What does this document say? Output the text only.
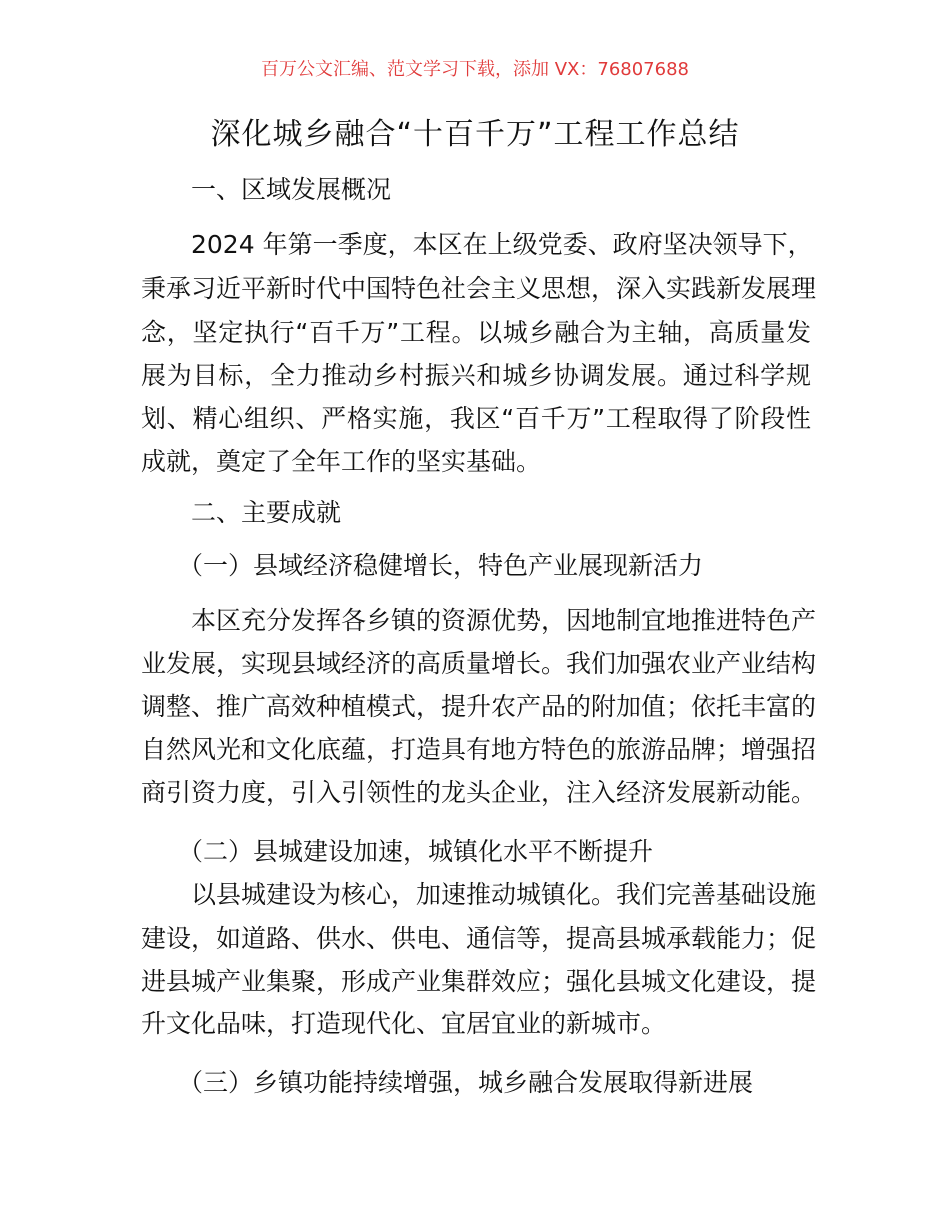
百万公文汇编、范文学习下载，添加 VX：76807688
深化城乡融合“十百千万”工程工作总结
一、区域发展概况
2024 年第一季度，本区在上级党委、政府坚决领导下，
秉承习近平新时代中国特色社会主义思想，深入实践新发展理
念，坚定执行“百千万”工程。以城乡融合为主轴，高质量发
展为目标，全力推动乡村振兴和城乡协调发展。通过科学规
划、精心组织、严格实施，我区“百千万”工程取得了阶段性
成就，奠定了全年工作的坚实基础。
二、主要成就
（一）县域经济稳健增长，特色产业展现新活力
本区充分发挥各乡镇的资源优势，因地制宜地推进特色产
业发展，实现县域经济的高质量增长。我们加强农业产业结构
调整、推广高效种植模式，提升农产品的附加值；依托丰富的
自然风光和文化底蕴，打造具有地方特色的旅游品牌；增强招
商引资力度，引入引领性的龙头企业，注入经济发展新动能。
（二）县城建设加速，城镇化水平不断提升
以县城建设为核心，加速推动城镇化。我们完善基础设施
建设，如道路、供水、供电、通信等，提高县城承载能力；促
进县城产业集聚，形成产业集群效应；强化县城文化建设，提
升文化品味，打造现代化、宜居宜业的新城市。
（三）乡镇功能持续增强，城乡融合发展取得新进展
